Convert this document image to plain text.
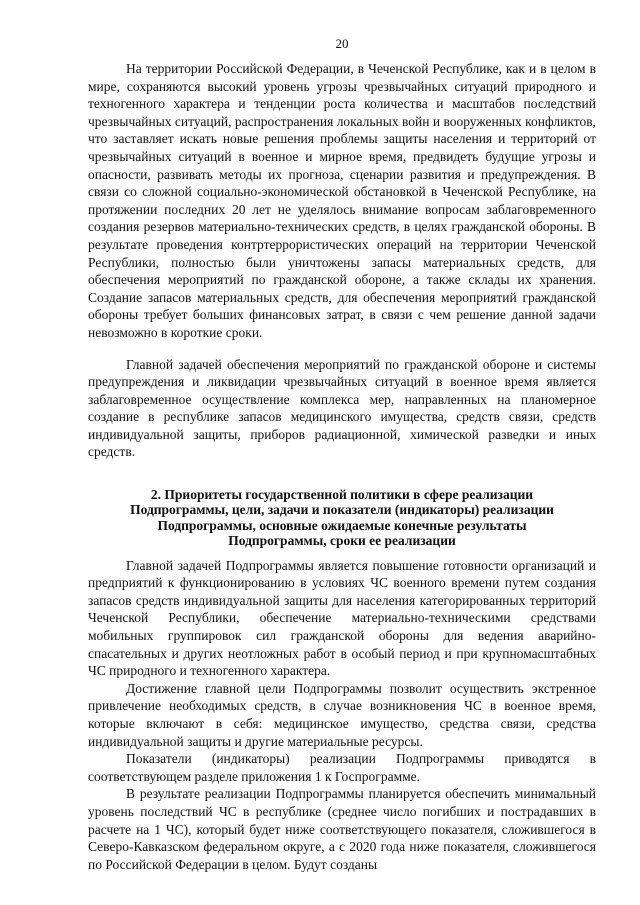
20

На территории Российской Федерации, в Чеченской Республике, как и в целом в мире, сохраняются высокий уровень угрозы чрезвычайных ситуаций природного и техногенного характера и тенденции роста количества и масштабов последствий чрезвычайных ситуаций, распространения локальных войн и вооруженных конфликтов, что заставляет искать новые решения проблемы защиты населения и территорий от чрезвычайных ситуаций в военное и мирное время, предвидеть будущие угрозы и опасности, развивать методы их прогноза, сценарии развития и предупреждения. В связи со сложной социально-экономической обстановкой в Чеченской Республике, на протяжении последних 20 лет не уделялось внимание вопросам заблаговременного создания резервов материально-технических средств, в целях гражданской обороны. В результате проведения контртеррористических операций на территории Чеченской Республики, полностью были уничтожены запасы материальных средств, для обеспечения мероприятий по гражданской обороне, а также склады их хранения. Создание запасов материальных средств, для обеспечения мероприятий гражданской обороны требует больших финансовых затрат, в связи с чем решение данной задачи невозможно в короткие сроки.

Главной задачей обеспечения мероприятий по гражданской обороне и системы предупреждения и ликвидации чрезвычайных ситуаций в военное время является заблаговременное осуществление комплекса мер, направленных на планомерное создание в республике запасов медицинского имущества, средств связи, средств индивидуальной защиты, приборов радиационной, химической разведки и иных средств.

2. Приоритеты государственной политики в сфере реализации
Подпрограммы, цели, задачи и показатели (индикаторы) реализации
Подпрограммы, основные ожидаемые конечные результаты
Подпрограммы, сроки ее реализации

Главной задачей Подпрограммы является повышение готовности организаций и предприятий к функционированию в условиях ЧС военного времени путем создания запасов средств индивидуальной защиты для населения категорированных территорий Чеченской Республики, обеспечение материально-техническими средствами мобильных группировок сил гражданской обороны для ведения аварийно-спасательных и других неотложных работ в особый период и при крупномасштабных ЧС природного и техногенного характера.

Достижение главной цели Подпрограммы позволит осуществить экстренное привлечение необходимых средств, в случае возникновения ЧС в военное время, которые включают в себя: медицинское имущество, средства связи, средства индивидуальной защиты и другие материальные ресурсы.

Показатели (индикаторы) реализации Подпрограммы приводятся в соответствующем разделе приложения 1 к Госпрограмме.

В результате реализации Подпрограммы планируется обеспечить минимальный уровень последствий ЧС в республике (среднее число погибших и пострадавших в расчете на 1 ЧС), который будет ниже соответствующего показателя, сложившегося в Северо-Кавказском федеральном округе, а с 2020 года ниже показателя, сложившегося по Российской Федерации в целом. Будут созданы
